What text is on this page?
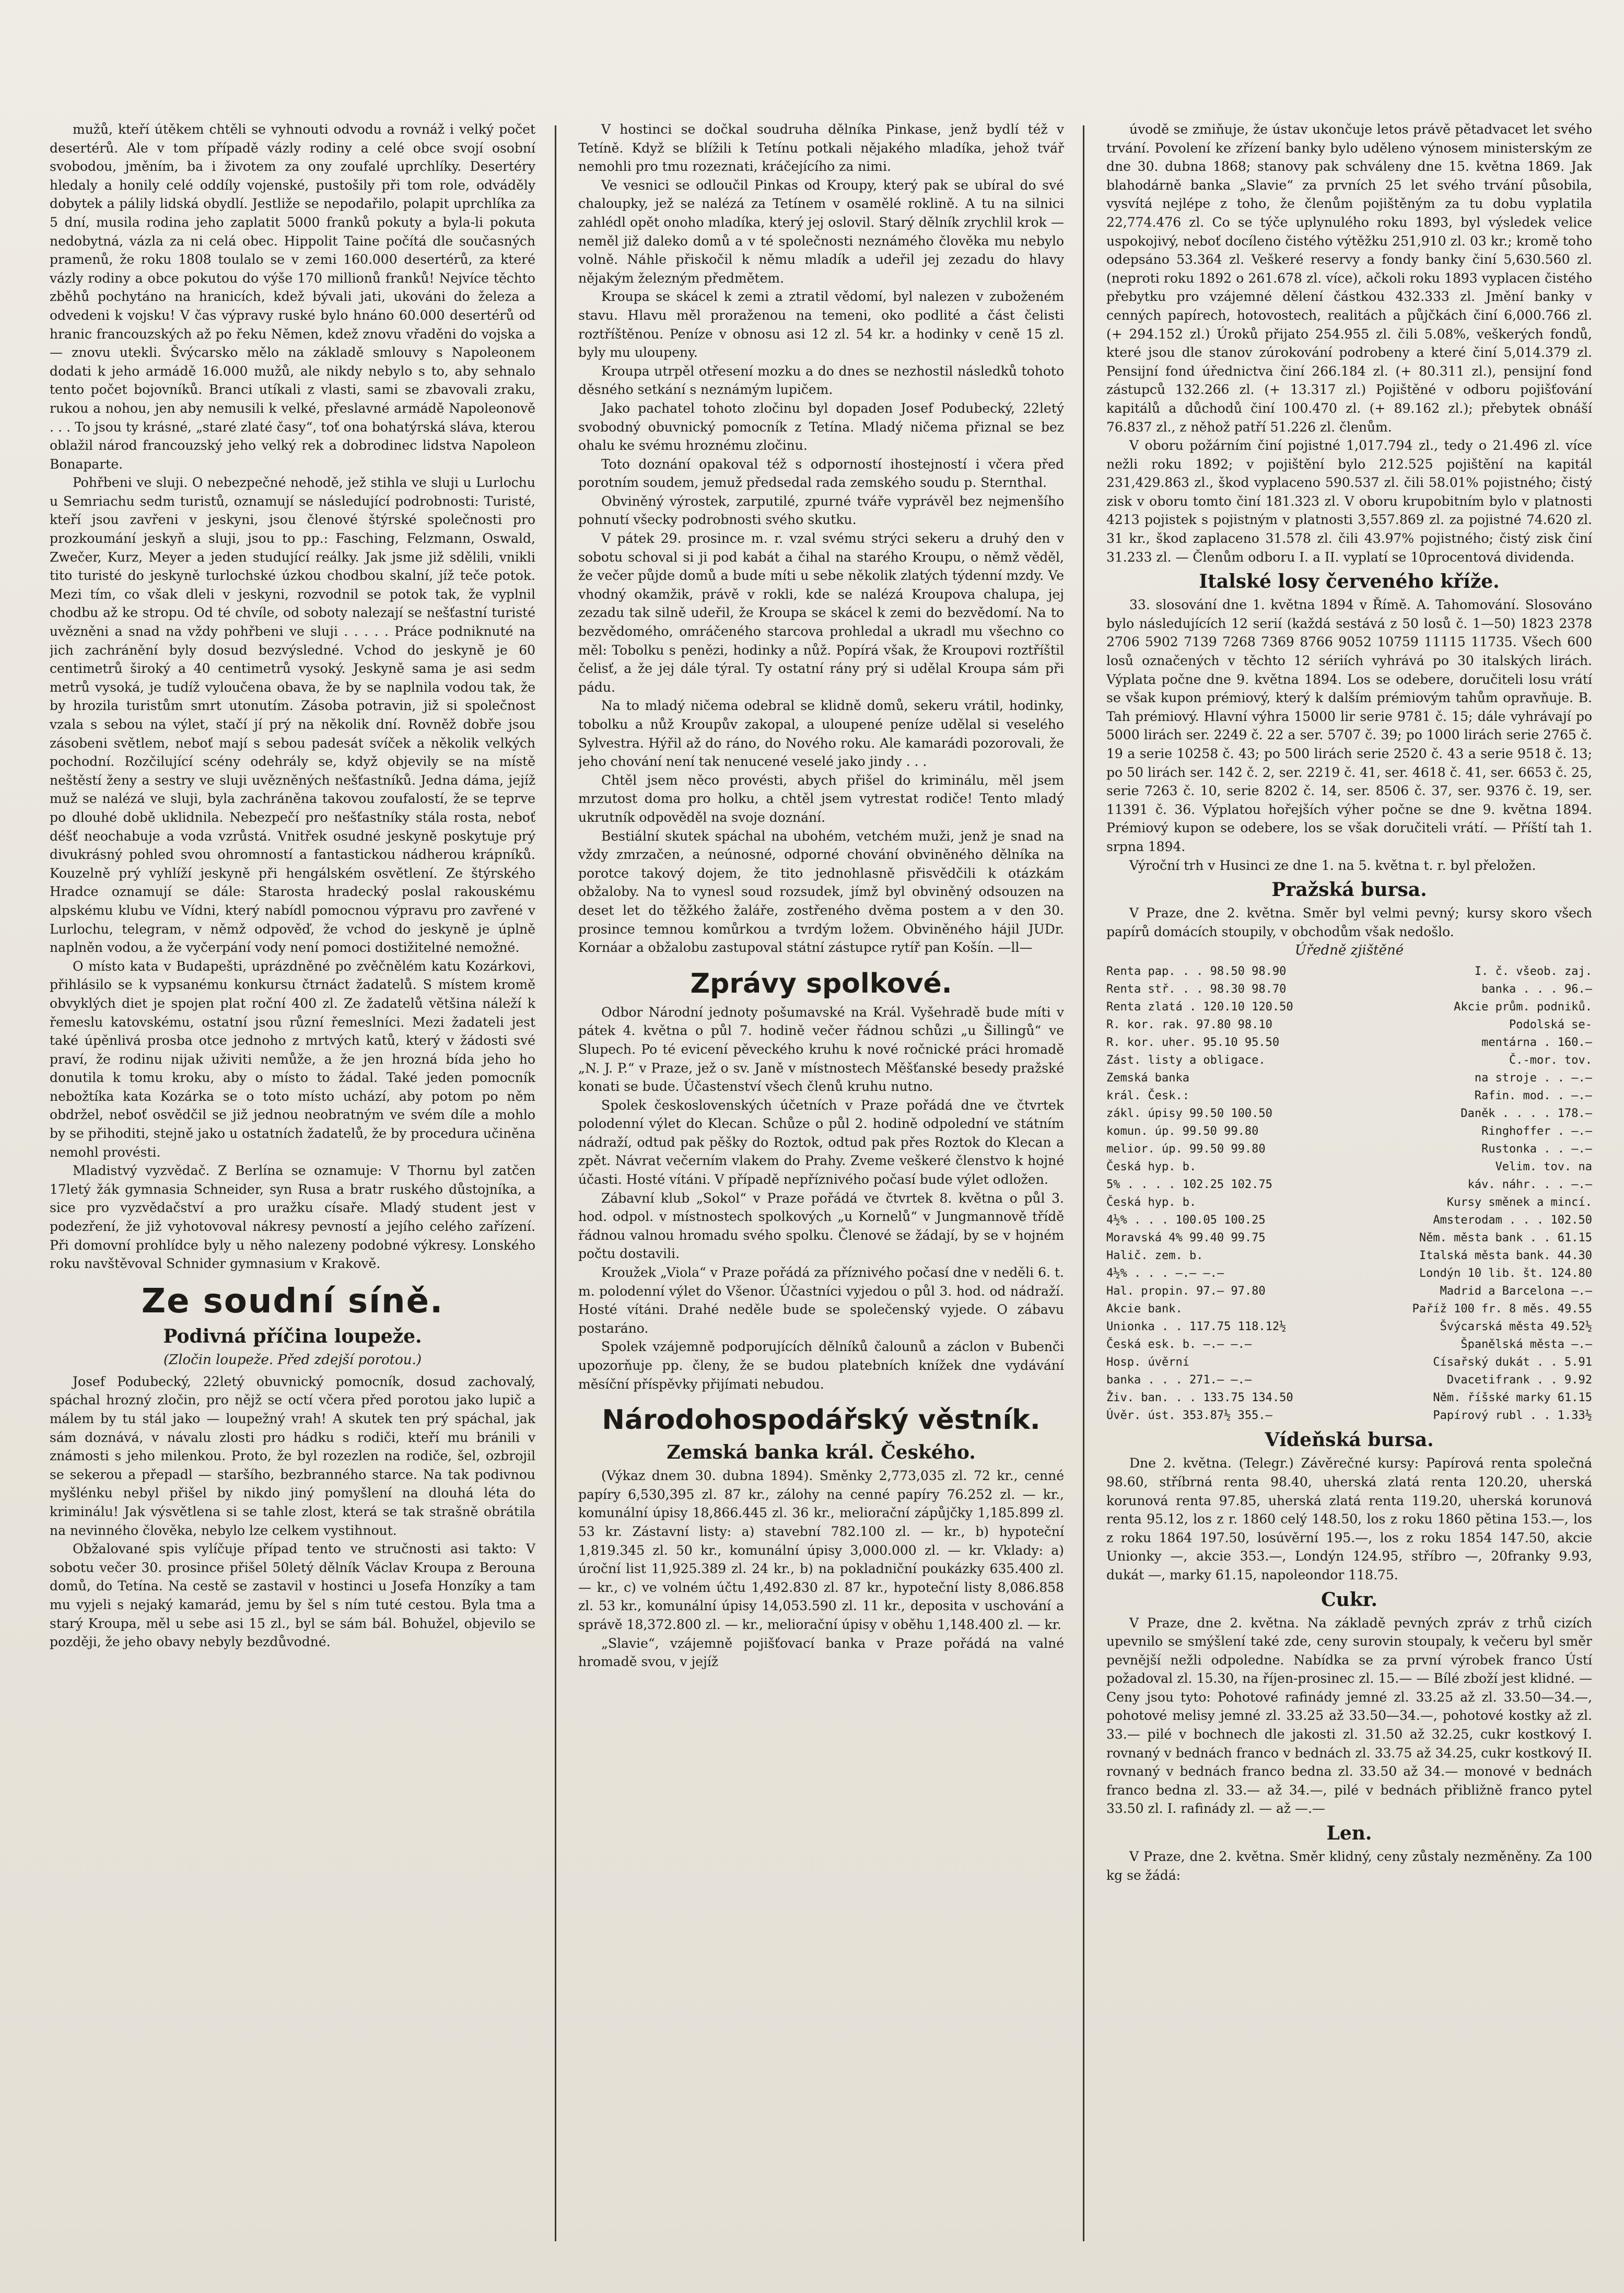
mužů, kteří útěkem chtěli se vyhnouti odvodu a rovnáž i velký počet desertérů. Ale v tom případě vázly rodiny a celé obce svojí osobní svobodou, jměním, ba i životem za ony zoufalé uprchlíky. Desertéry hledaly a honily celé oddíly vojenské, pustošily při tom role, odváděly dobytek a pálily lidská obydlí. Jestliže se nepodařilo, polapit uprchlíka za 5 dní, musila rodina jeho zaplatit 5000 franků pokuty a byla-li pokuta nedobytná, vázla za ni celá obec. Hippolit Taine počítá dle současných pramenů, že roku 1808 toulalo se v zemi 160.000 desertérů, za které vázly rodiny a obce pokutou do výše 170 millionů franků! Nejvíce těchto zběhů pochytáno na hranicích, kdež bývali jati, ukováni do železa a odvedeni k vojsku! V čas výpravy ruské bylo hnáno 60.000 desertérů od hranic francouzských až po řeku Němen, kdež znovu vřaděni do vojska a — znovu utekli. Švýcarsko mělo na základě smlouvy s Napoleonem dodati k jeho armádě 16.000 mužů, ale nikdy nebylo s to, aby sehnalo tento počet bojovníků. Branci utíkali z vlasti, sami se zbavovali zraku, rukou a nohou, jen aby nemusili k velké, přeslavné armádě Napoleonově . . . To jsou ty krásné, „staré zlaté časy“, toť ona bohatýrská sláva, kterou oblažil národ francouzský jeho velký rek a dobrodinec lidstva Napoleon Bonaparte.

Pohřbeni ve sluji. O nebezpečné nehodě, jež stihla ve sluji u Lurlochu u Semriachu sedm turistů, oznamují se následující podrobnosti: Turisté, kteří jsou zavřeni v jeskyni, jsou členové štýrské společnosti pro prozkoumání jeskyň a sluji, jsou to pp.: Fasching, Felzmann, Oswald, Zwečer, Kurz, Meyer a jeden studující reálky. Jak jsme již sdělili, vnikli tito turisté do jeskyně turlochské úzkou chodbou skalní, jíž teče potok. Mezi tím, co však dleli v jeskyni, rozvodnil se potok tak, že vyplnil chodbu až ke stropu. Od té chvíle, od soboty nalezají se nešťastní turisté uvězněni a snad na vždy pohřbeni ve sluji . . . . . Práce podniknuté na jich zachránění byly dosud bezvýsledné. Vchod do jeskyně je 60 centimetrů široký a 40 centimetrů vysoký. Jeskyně sama je asi sedm metrů vysoká, je tudíž vyloučena obava, že by se naplnila vodou tak, že by hrozila turistům smrt utonutím. Zásoba potravin, již si společnost vzala s sebou na výlet, stačí jí prý na několik dní. Rovněž dobře jsou zásobeni světlem, neboť mají s sebou padesát svíček a několik velkých pochodní. Rozčilující scény odehrály se, když objevily se na místě neštěstí ženy a sestry ve sluji uvězněných nešťastníků. Jedna dáma, jejíž muž se nalézá ve sluji, byla zachráněna takovou zoufalostí, že se teprve po dlouhé době uklidnila. Nebezpečí pro nešťastníky stála rosta, neboť déšť neochabuje a voda vzrůstá. Vnitřek osudné jeskyně poskytuje prý divukrásný pohled svou ohromností a fantastickou nádherou krápníků. Kouzelně prý vyhlíží jeskyně při hengálském osvětlení. Ze štýrského Hradce oznamují se dále: Starosta hradecký poslal rakouskému alpskému klubu ve Vídni, který nabídl pomocnou výpravu pro zavřené v Lurlochu, telegram, v němž odpověď, že vchod do jeskyně je úplně naplněn vodou, a že vyčerpání vody není pomoci dostižitelné nemožné.

O místo kata v Budapešti, uprázdněné po zvěčnělém katu Kozárkovi, přihlásilo se k vypsanému konkursu čtrnáct žadatelů. S místem kromě obvyklých diet je spojen plat roční 400 zl. Ze žadatelů většina náleží k řemeslu katovskému, ostatní jsou různí řemeslníci. Mezi žadateli jest také úpěnlivá prosba otce jednoho z mrtvých katů, který v žádosti své praví, že rodinu nijak uživiti nemůže, a že jen hrozná bída jeho ho donutila k tomu kroku, aby o místo to žádal. Také jeden pomocník nebožtíka kata Kozárka se o toto místo uchází, aby potom po něm obdržel, neboť osvědčil se již jednou neobratným ve svém díle a mohlo by se přihoditi, stejně jako u ostatních žadatelů, že by procedura učiněna nemohl provésti.

Mladistvý vyzvědač. Z Berlína se oznamuje: V Thornu byl zatčen 17letý žák gymnasia Schneider, syn Rusa a bratr ruského důstojníka, a sice pro vyzvědačství a pro uražku císaře. Mladý student jest v podezření, že již vyhotovoval nákresy pevností a jejího celého zařízení. Při domovní prohlídce byly u něho nalezeny podobné výkresy. Lonského roku navštěvoval Schnider gymnasium v Krakově.

Ze soudní síně.
Podivná příčina loupeže.
(Zločin loupeže. Před zdejší porotou.)

Josef Podubecký, 22letý obuvnický pomocník, dosud zachovalý, spáchal hrozný zločin, pro nějž se octí včera před porotou jako lupič a málem by tu stál jako — loupežný vrah! A skutek ten prý spáchal, jak sám doznává, v návalu zlosti pro hádku s rodiči, kteří mu bránili v známosti s jeho milenkou. Proto, že byl rozezlen na rodiče, šel, ozbrojil se sekerou a přepadl — staršího, bezbranného starce. Na tak podivnou myšlénku nebyl přišel by nikdo jiný pomyšlení na dlouhá léta do kriminálu! Jak výsvětlena si se tahle zlost, která se tak strašně obrátila na nevinného člověka, nebylo lze celkem vystihnout.

Obžalované spis vylíčuje případ tento ve stručnosti asi takto: V sobotu večer 30. prosince přišel 50letý dělník Václav Kroupa z Berouna domů, do Tetína. Na cestě se zastavil v hostinci u Josefa Honzíky a tam mu vyjeli s nejaký kamarád, jemu by šel s ním tuté cestou. Byla tma a starý Kroupa, měl u sebe asi 15 zl., byl se sám bál. Bohužel, objevilo se později, že jeho obavy nebyly bezdůvodné.

V hostinci se dočkal soudruha dělníka Pinkase, jenž bydlí též v Tetíně. Když se blížili k Tetínu potkali nějakého mladíka, jehož tvář nemohli pro tmu rozeznati, kráčejícího za nimi.

Ve vesnici se odloučil Pinkas od Kroupy, který pak se ubíral do své chaloupky, jež se nalézá za Tetínem v osamělé roklině. A tu na silnici zahlédl opět onoho mladíka, který jej oslovil. Starý dělník zrychlil krok — neměl již daleko domů a v té společnosti neznámého člověka mu nebylo volně. Náhle přiskočil k němu mladík a udeřil jej zezadu do hlavy nějakým železným předmětem.

Kroupa se skácel k zemi a ztratil vědomí, byl nalezen v zuboženém stavu. Hlavu měl proraženou na temeni, oko podlité a část čelisti roztříštěnou. Peníze v obnosu asi 12 zl. 54 kr. a hodinky v ceně 15 zl. byly mu uloupeny.

Kroupa utrpěl otřesení mozku a do dnes se nezhostil následků tohoto děsného setkání s neznámým lupičem.

Jako pachatel tohoto zločinu byl dopaden Josef Podubecký, 22letý svobodný obuvnický pomocník z Tetína. Mladý ničema přiznal se bez ohalu ke svému hroznému zločinu.

Toto doznání opakoval též s odporností ihostejností i včera před porotním soudem, jemuž předsedal rada zemského soudu p. Sternthal.

Obviněný výrostek, zarputilé, zpurné tváře vyprávěl bez nejmenšího pohnutí všecky podrobnosti svého skutku.

V pátek 29. prosince m. r. vzal svému strýci sekeru a druhý den v sobotu schoval si ji pod kabát a čihal na starého Kroupu, o němž věděl, že večer půjde domů a bude míti u sebe několik zlatých týdenní mzdy. Ve vhodný okamžik, právě v rokli, kde se nalézá Kroupova chalupa, jej zezadu tak silně udeřil, že Kroupa se skácel k zemi do bezvědomí. Na to bezvědomého, omráčeného starcova prohledal a ukradl mu všechno co měl: Tobolku s penězi, hodinky a nůž. Popírá však, že Kroupovi roztříštil čelisť, a že jej dále týral. Ty ostatní rány prý si udělal Kroupa sám při pádu.

Na to mladý ničema odebral se klidně domů, sekeru vrátil, hodinky, tobolku a nůž Kroupův zakopal, a uloupené peníze udělal si veselého Sylvestra. Hýřil až do ráno, do Nového roku. Ale kamarádi pozorovali, že jeho chování není tak nenucené veselé jako jindy . . .

Chtěl jsem něco provésti, abych přišel do kriminálu, měl jsem mrzutost doma pro holku, a chtěl jsem vytrestat rodiče! Tento mladý ukrutník odpověděl na svoje doznání.

Bestiální skutek spáchal na ubohém, vetchém muži, jenž je snad na vždy zmrzačen, a neúnosné, odporné chování obviněného dělníka na porotce takový dojem, že tito jednohlasně přisvědčili k otázkám obžaloby. Na to vynesl soud rozsudek, jímž byl obviněný odsouzen na deset let do těžkého žaláře, zostřeného dvěma postem a v den 30. prosince temnou komůrkou a tvrdým ložem. Obviněného hájil JUDr. Kornáar a obžalobu zastupoval státní zástupce rytíř pan Košín. —ll—

Zprávy spolkové.

Odbor Národní jednoty pošumavské na Král. Vyšehradě bude míti v pátek 4. května o půl 7. hodině večer řádnou schůzi „u Šillingů“ ve Slupech. Po té evicení pěveckého kruhu k nové ročnické práci hromadě „N. J. P.“ v Praze, jež o sv. Janě v místnostech Měšťanské besedy pražské konati se bude. Účastenství všech členů kruhu nutno.

Spolek československých účetních v Praze pořádá dne ve čtvrtek polodenní výlet do Klecan. Schůze o půl 2. hodině odpolední ve státním nádraží, odtud pak pěšky do Roztok, odtud pak přes Roztok do Klecan a zpět. Návrat večerním vlakem do Prahy. Zveme veškeré členstvo k hojné účasti. Hosté vítáni. V případě nepříznivého počasí bude výlet odložen.

Zábavní klub „Sokol“ v Praze pořádá ve čtvrtek 8. května o půl 3. hod. odpol. v místnostech spolkových „u Kornelů“ v Jungmannově třídě řádnou valnou hromadu svého spolku. Členové se žádají, by se v hojném počtu dostavili.

Kroužek „Viola“ v Praze pořádá za příznivého počasí dne v neděli 6. t. m. polodenní výlet do Všenor. Účastníci vyjedou o půl 3. hod. od nádraží. Hosté vítáni. Drahé neděle bude se společenský vyjede. O zábavu postaráno.

Spolek vzájemně podporujících dělníků čalounů a záclon v Bubenči upozorňuje pp. členy, že se budou platebních knížek dne vydávání měsíční příspěvky přijímati nebudou.

Národohospodářský věstník.
Zemská banka král. Českého.

(Výkaz dnem 30. dubna 1894). Směnky 2,773,035 zl. 72 kr., cenné papíry 6,530,395 zl. 87 kr., zálohy na cenné papíry 76.252 zl. — kr., komunální úpisy 18,866.445 zl. 36 kr., meliorační zápůjčky 1,185.899 zl. 53 kr. Zástavní listy: a) stavební 782.100 zl. — kr., b) hypoteční 1,819.345 zl. 50 kr., komunální úpisy 3,000.000 zl. — kr. Vklady: a) úroční list 11,925.389 zl. 24 kr., b) na pokladniční poukázky 635.400 zl. — kr., c) ve volném účtu 1,492.830 zl. 87 kr., hypoteční listy 8,086.858 zl. 53 kr., komunální úpisy 14,053.590 zl. 11 kr., deposita v uschování a správě 18,372.800 zl. — kr., meliorační úpisy v oběhu 1,148.400 zl. — kr.

„Slavie“, vzájemně pojišťovací banka v Praze pořádá na valné hromadě svou, v jejíž

úvodě se zmiňuje, že ústav ukončuje letos právě pětadvacet let svého trvání. Povolení ke zřízení banky bylo uděleno výnosem ministerským ze dne 30. dubna 1868; stanovy pak schváleny dne 15. května 1869. Jak blahodárně banka „Slavie“ za prvních 25 let svého trvání působila, vysvítá nejlépe z toho, že členům pojištěným za tu dobu vyplatila 22,774.476 zl. Co se týče uplynulého roku 1893, byl výsledek velice uspokojivý, neboť docíleno čistého výtěžku 251,910 zl. 03 kr.; kromě toho odepsáno 53.364 zl. Veškeré reservy a fondy banky činí 5,630.560 zl. (neproti roku 1892 o 261.678 zl. více), ačkoli roku 1893 vyplacen čistého přebytku pro vzájemné dělení částkou 432.333 zl. Jmění banky v cenných papírech, hotovostech, realitách a půjčkách činí 6,000.766 zl. (+ 294.152 zl.) Úroků přijato 254.955 zl. čili 5.08%, veškerých fondů, které jsou dle stanov zúrokování podrobeny a které činí 5,014.379 zl. Pensijní fond úřednictva činí 266.184 zl. (+ 80.311 zl.), pensijní fond zástupců 132.266 zl. (+ 13.317 zl.) Pojištěné v odboru pojišťování kapitálů a důchodů činí 100.470 zl. (+ 89.162 zl.); přebytek obnáší 76.837 zl., z něhož patří 51.226 zl. členům.

V oboru požárním činí pojistné 1,017.794 zl., tedy o 21.496 zl. více nežli roku 1892; v pojištění bylo 212.525 pojištění na kapitál 231,429.863 zl., škod vyplaceno 590.537 zl. čili 58.01% pojistného; čistý zisk v oboru tomto činí 181.323 zl. V oboru krupobitním bylo v platnosti 4213 pojistek s pojistným v platnosti 3,557.869 zl. za pojistné 74.620 zl. 31 kr., škod zaplaceno 31.578 zl. čili 43.97% pojistného; čistý zisk činí 31.233 zl. — Členům odboru I. a II. vyplatí se 10procentová dividenda.

Italské losy červeného kříže.

33. slosování dne 1. května 1894 v Římě. A. Tahomování. Slosováno bylo následujících 12 serií (každá sestává z 50 losů č. 1—50) 1823 2378 2706 5902 7139 7268 7369 8766 9052 10759 11115 11735. Všech 600 losů označených v těchto 12 sériích vyhrává po 30 italských lirách. Výplata počne dne 9. května 1894. Los se odebere, doručiteli losu vrátí se však kupon prémiový, který k dalším prémiovým tahům opravňuje. B. Tah prémiový. Hlavní výhra 15000 lir serie 9781 č. 15; dále vyhrávají po 5000 lirách ser. 2249 č. 22 a ser. 5707 č. 39; po 1000 lirách serie 2765 č. 19 a serie 10258 č. 43; po 500 lirách serie 2520 č. 43 a serie 9518 č. 13; po 50 lirách ser. 142 č. 2, ser. 2219 č. 41, ser. 4618 č. 41, ser. 6653 č. 25, serie 7263 č. 10, serie 8202 č. 14, ser. 8506 č. 37, ser. 9376 č. 19, ser. 11391 č. 36. Výplatou hořejších výher počne se dne 9. května 1894. Prémiový kupon se odebere, los se však doručiteli vrátí. — Příští tah 1. srpna 1894.

Výroční trh v Husinci ze dne 1. na 5. května t. r. byl přeložen.

Pražská bursa.

V Praze, dne 2. května. Směr byl velmi pevný; kursy skoro všech papírů domácích stoupily, v obchodům však nedošlo.

Úředně zjištěné
Renta pap. . . 98.50 98.90	I. č. všeob. zaj.
Renta stř. . . 98.30 98.70	banka . . . 96.—
Renta zlatá . 120.10 120.50	Akcie prům. podniků.
R. kor. rak. 97.80 98.10	Podolská se-
R. kor. uher. 95.10 95.50	mentárna . 160.—
Zást. listy a obligace.	Č.-mor. tov.
Zemská banka	na stroje . . —.—
král. Česk.:	Rafin. mod. . —.—
zákl. úpisy 99.50 100.50	Daněk . . . . 178.—
komun. úp. 99.50 99.80	Ringhoffer . —.—
melior. úp. 99.50 99.80	Rustonka . . —.—
Česká hyp. b.	Velim. tov. na
5% . . . . 102.25 102.75	káv. náhr. . . —.—
Česká hyp. b.	Kursy směnek a mincí.
4½% . . . 100.05 100.25	Amsterodam . . . 102.50
Moravská 4% 99.40 99.75	Něm. města bank . . 61.15
Halič. zem. b.	Italská města bank. 44.30
4½% . . . —.— —.—	Londýn 10 lib. št. 124.80
Hal. propin. 97.— 97.80	Madrid a Barcelona —.—
Akcie bank.	Paříž 100 fr. 8 měs. 49.55
Unionka . . 117.75 118.12½	Švýcarská města 49.52½
Česká esk. b. —.— —.—	Španělská města —.—
Hosp. úvěrní	Císařský dukát . . 5.91
banka . . . 271.— —.—	Dvacetifrank . . 9.92
Živ. ban. . . 133.75 134.50	Něm. říšské marky 61.15
Úvěr. úst. 353.87½ 355.—	Papírový rubl . . 1.33½
Vídeňská bursa.

Dne 2. května. (Telegr.) Závěrečné kursy: Papírová renta společná 98.60, stříbrná renta 98.40, uherská zlatá renta 120.20, uherská korunová renta 97.85, uherská zlatá renta 119.20, uherská korunová renta 95.12, los z r. 1860 celý 148.50, los z roku 1860 pětina 153.—, los z roku 1864 197.50, losúvěrní 195.—, los z roku 1854 147.50, akcie Unionky —, akcie 353.—, Londýn 124.95, stříbro —, 20franky 9.93, dukát —, marky 61.15, napoleondor 118.75.

Cukr.

V Praze, dne 2. května. Na základě pevných zpráv z trhů cizích upevnilo se smýšlení také zde, ceny surovin stoupaly, k večeru byl směr pevnější nežli odpoledne. Nabídka se za první výrobek franco Ústí požadoval zl. 15.30, na říjen-prosinec zl. 15.— — Bílé zboží jest klidné. — Ceny jsou tyto: Pohotové rafinády jemné zl. 33.25 až zl. 33.50—34.—, pohotové melisy jemné zl. 33.25 až 33.50—34.—, pohotové kostky až zl. 33.— pilé v bochnech dle jakosti zl. 31.50 až 32.25, cukr kostkový I. rovnaný v bednách franco v bednách zl. 33.75 až 34.25, cukr kostkový II. rovnaný v bednách franco bedna zl. 33.50 až 34.— monové v bednách franco bedna zl. 33.— až 34.—, pilé v bednách přibližně franco pytel 33.50 zl. I. rafinády zl. — až —.—

Len.

V Praze, dne 2. května. Směr klidný, ceny zůstaly nezměněny. Za 100 kg se žádá:
